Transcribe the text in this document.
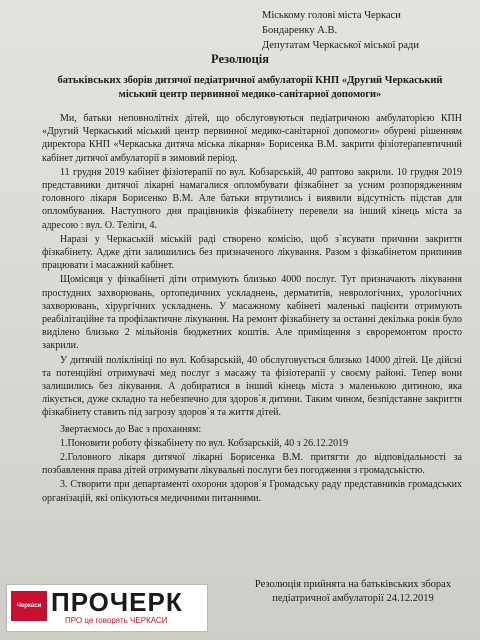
Міському голові міста Черкаси
Бондаренку А.В.
Депутатам Черкаської міської ради
Резолюція
батьківських зборів дитячої педіатричної амбулаторії КНП «Другий Черкаський міський центр первинної медико-санітарної допомоги»

Ми, батьки неповнолітніх дітей, що обслуговуються педіатричною амбулаторією КПН «Другий Черкаський міський центр первинної медико-санітарної допомоги» обурені рішенням директора КНП «Черкаська дитяча міська лікарня» Борисенка В.М. закрити фізіотерапевтичний кабінет дитячої амбулаторії в зимовий період.

11 грудня 2019 кабінет фізіотерапії по вул. Кобзарській, 40 раптово закрили. 10 грудня 2019 представники дитячої лікарні намагалися опломбувати фізкабінет за усним розпорядженням головного лікаря Борисенко В.М. Але батьки втрутились і виявили відсутність підстав для опломбування. Наступного дня працівників фізкабінету перевели на інший кінець міста за адресою : вул. О. Теліги, 4.

Наразі у Черкаській міській раді створено комісію, щоб з`ясувати причини закриття фізкабінету. Адже діти залишились без призначеного лікування. Разом з фізкабінетом припинив працювати і масажний кабінет.

Щомісяця у фізкабінеті діти отримують близько 4000 послуг. Тут призначають лікування простудних захворювань, ортопедичних ускладнень, дерматитів, неврологічних, урологічних захворювань, хірургічних ускладнень. У масажному кабінеті маленькі пацієнти отримують реабілітаційне та профілактичне лікування. На ремонт фізкабінету за останні декілька років було виділено близько 2 мільйонів бюджетних коштів. Але приміщення з євроремонтом просто закрили.

У дитячій поліклініці по вул. Кобзарській, 40 обслуговується близько 14000 дітей. Це дійсні та потенційні отримувачі мед послуг з масажу та фізіотерапії у своєму районі. Тепер вони залишились без лікування. А добиратися в інший кінець міста з маленькою дитиною, яка лікується, дуже складно та небезпечно для здоров`я дитини. Таким чином, безпідставне закриття фізкабінету ставить під загрозу здоров`я та життя дітей.

Звертаємось до Вас з проханням:

1.Поновити роботу фізкабінету по вул. Кобзарській, 40 з 26.12.2019

2.Головного лікаря дитячої лікарні Борисенка В.М. притягти до відповідальності за позбавлення права дітей отримувати лікувальні послуги без погодження з громадськістю.

3. Створити при департаменті охорони здоров`я Громадську раду представників громадських організацій, які опікуються медичними питаннями.

Черкаси ПРОЧЕРК
ПРО це говорять ЧЕРКАСИ
Резолюція прийнята на батьківських зборах
педіатричної амбулаторії 24.12.2019
